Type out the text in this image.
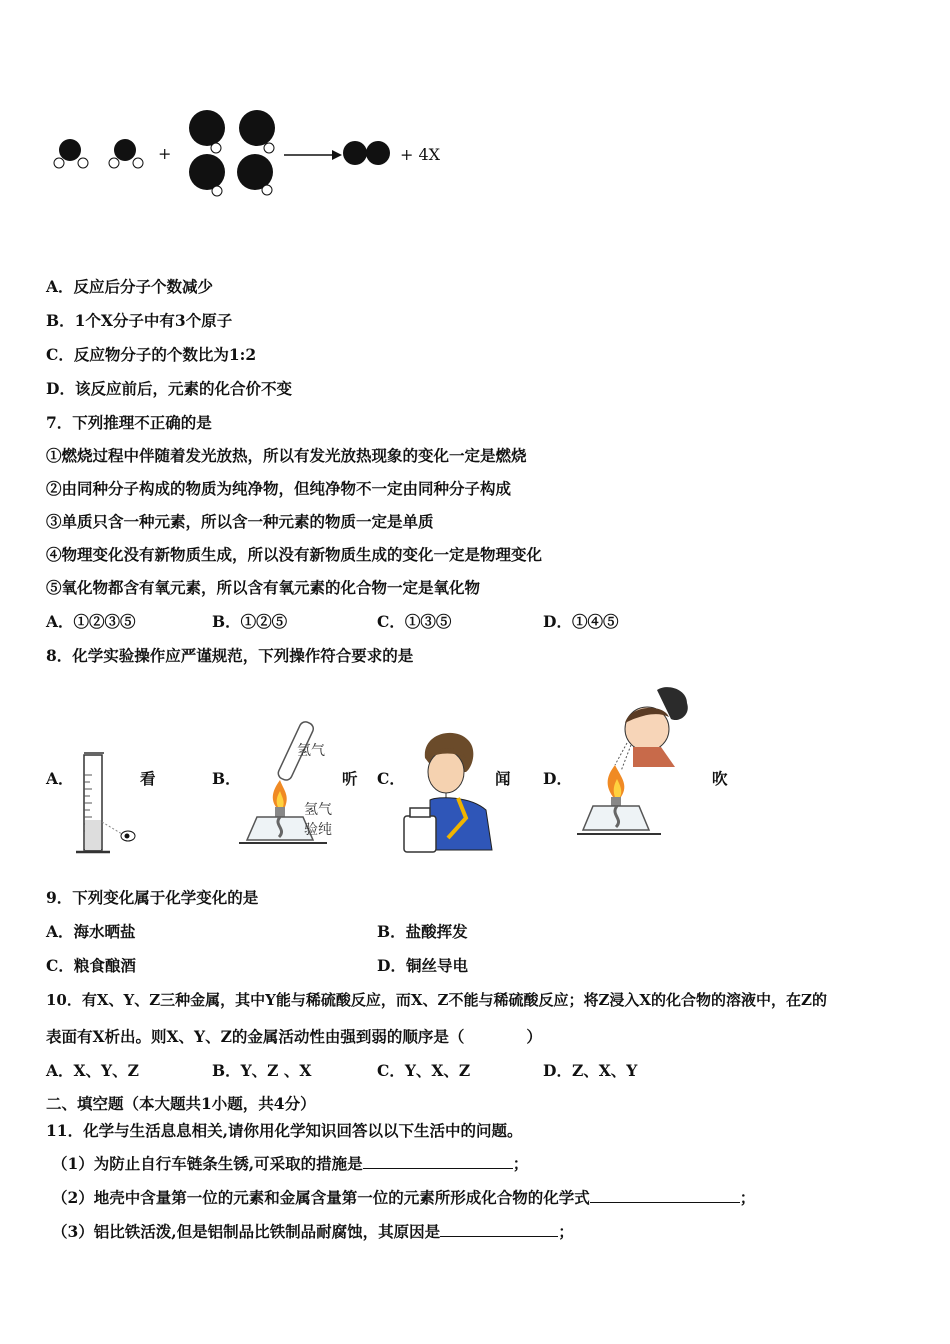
+	+ 4X
A．反应后分子个数减少
B．1个X分子中有3个原子
C．反应物分子的个数比为1:2
D．该反应前后，元素的化合价不变
7．下列推理不正确的是
①燃烧过程中伴随着发光放热，所以有发光放热现象的变化一定是燃烧
②由同种分子构成的物质为纯净物，但纯净物不一定由同种分子构成
③单质只含一种元素，所以含一种元素的物质一定是单质
④物理变化没有新物质生成，所以没有新物质生成的变化一定是物理变化
⑤氧化物都含有氧元素，所以含有氧元素的化合物一定是氧化物
A．①②③⑤	B．①②⑤	C．①③⑤	D．①④⑤
8．化学实验操作应严谨规范，下列操作符合要求的是
A．	看	B．	听
氢气
氢气
验纯
C．	闻 D．	吹
9．下列变化属于化学变化的是
A．海水晒盐	B．盐酸挥发
C．粮食酿酒	D．铜丝导电
10．有X、Y、Z三种金属，其中Y能与稀硫酸反应，而X、Z不能与稀硫酸反应；将Z浸入X的化合物的溶液中，在Z的
表面有X析出。则X、Y、Z的金属活动性由强到弱的顺序是（　　　　）
A．X、Y、Z	B．Y、Z 、X	C．Y、X、Z	D．Z、X、Y
二、填空题（本大题共1小题，共4分）
11．化学与生活息息相关,请你用化学知识回答以以下生活中的问题。
（1）为防止自行车链条生锈,可采取的措施是	；
（2）地壳中含量第一位的元素和金属含量第一位的元素所形成化合物的化学式	；
（3）铝比铁活泼,但是铝制品比铁制品耐腐蚀，其原因是	；
